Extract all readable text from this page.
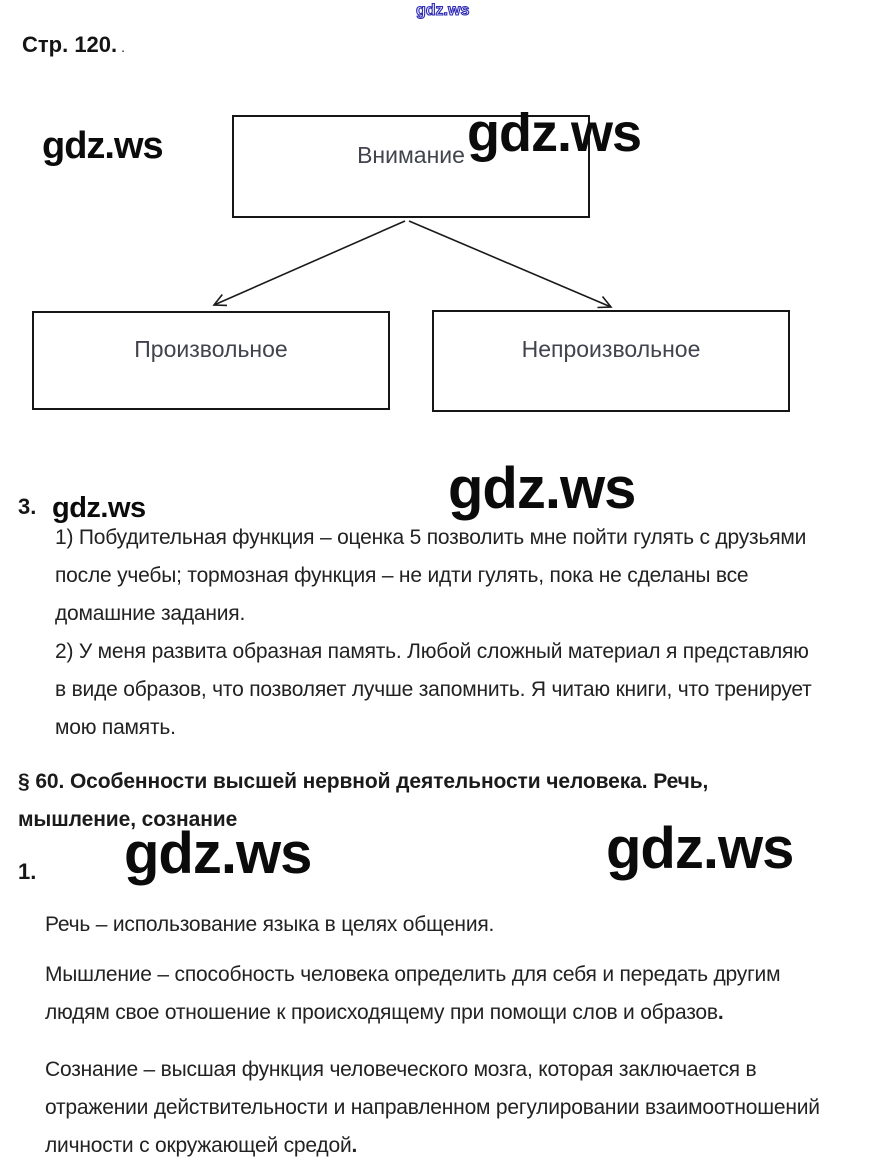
gdz.ws
gdz.ws	gdz.ws
gdz.ws
gdz.ws
gdz.ws	gdz.ws
Стр. 120. .
Внимание
Произвольное	Непроизвольное
3.
1) Побудительная функция – оценка 5 позволить мне пойти гулять с друзьями
после учебы; тормозная функция – не идти гулять, пока не сделаны все
домашние задания.
2) У меня развита образная память. Любой сложный материал я представляю
в виде образов, что позволяет лучше запомнить. Я читаю книги, что тренирует
мою память.
§ 60. Особенности высшей нервной деятельности человека. Речь,
мышление, сознание
1.
Речь – использование языка в целях общения.
Мышление – способность человека определить для себя и передать другим
людям свое отношение к происходящему при помощи слов и образов.
Сознание – высшая функция человеческого мозга, которая заключается в
отражении действительности и направленном регулировании взаимоотношений
личности с окружающей средой.
